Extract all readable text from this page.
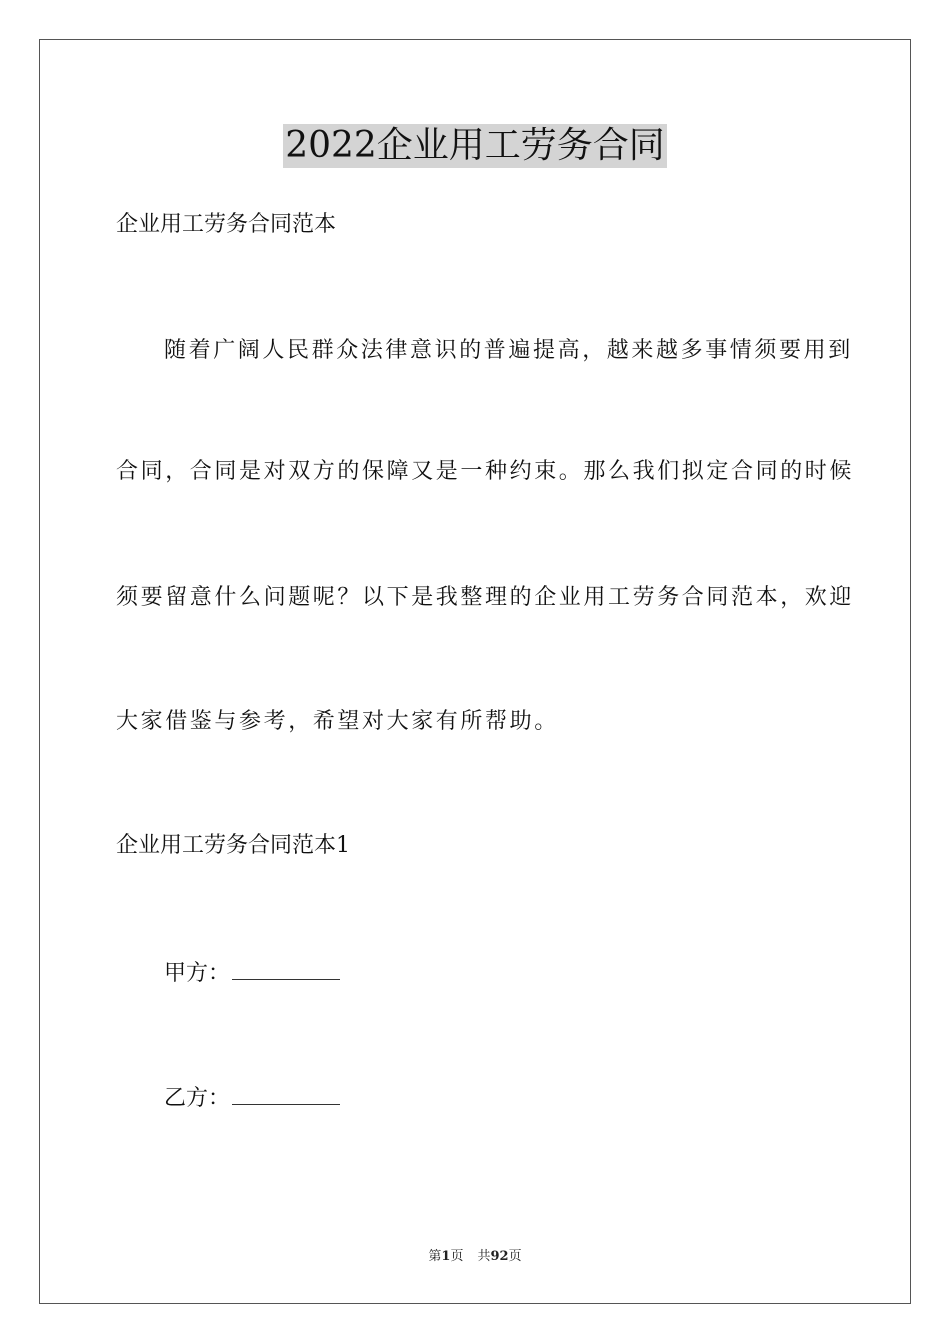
2022企业用工劳务合同
企业用工劳务合同范本
随着广阔人民群众法律意识的普遍提高，越来越多事情须要用到
合同，合同是对双方的保障又是一种约束。那么我们拟定合同的时候
须要留意什么问题呢？以下是我整理的企业用工劳务合同范本，欢迎
大家借鉴与参考，希望对大家有所帮助。
企业用工劳务合同范本1
甲方：
乙方：
第1页 共92页
